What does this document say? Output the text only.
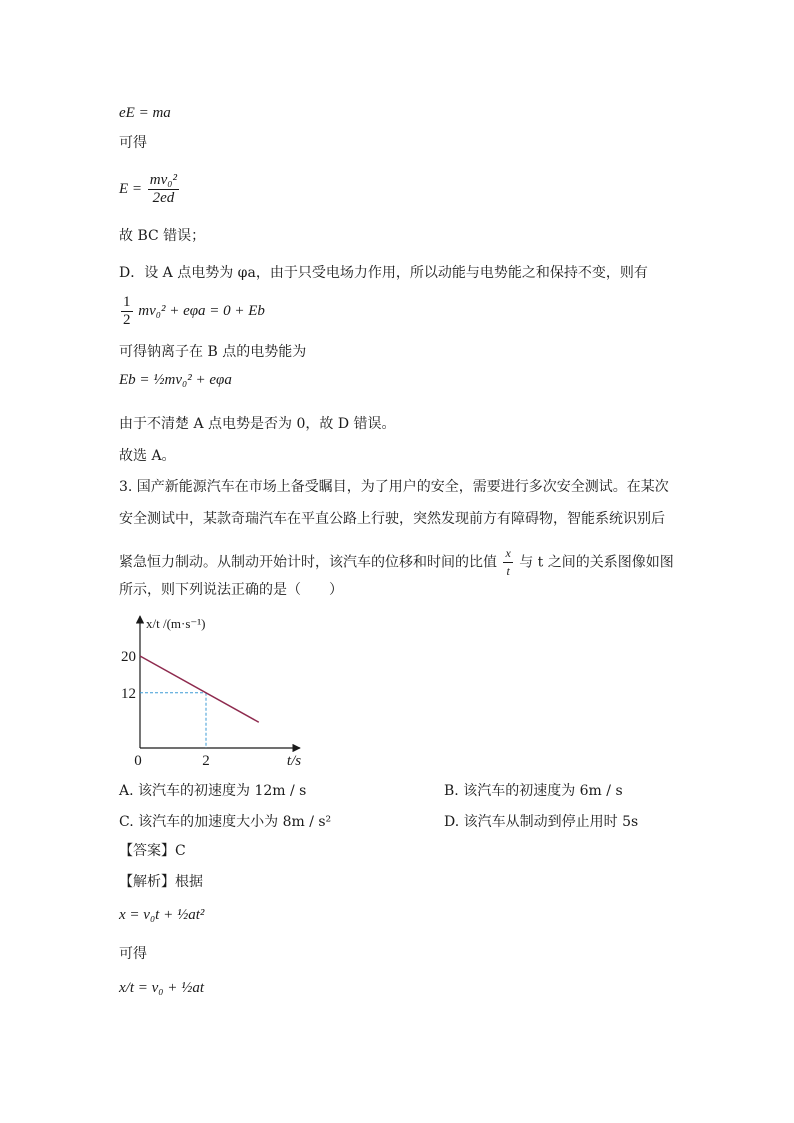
eE = ma
可得
$E = \frac{\text{mv₀²}}{2ed}$
故 BC 错误；
D．设 A 点电势为 φa，由于只受电场力作用，所以动能与电势能之和保持不变，则有
$\frac{1}{2} mv_0^2 + e\varphi a = 0 + Eb$
可得钠离子在 B 点的电势能为
Eb = ½mv₀² + eφa
由于不清楚 A 点电势是否为 0，故 D 错误。
故选 A。
3. 国产新能源汽车在市场上备受瞩目，为了用户的安全，需要进行多次安全测试。在某次
安全测试中，某款奇瑞汽车在平直公路上行驶，突然发现前方有障碍物，智能系统识别后
紧急恒力制动。从制动开始计时，该汽车的位移和时间的比值 $\frac{x}{t}$ 与 t 之间的关系图像如图
所示，则下列说法正确的是（　　）
20
12
2
0	t/s
x/t /(m·s⁻¹)
A. 该汽车的初速度为 12m / s	B. 该汽车的初速度为 6m / s
C. 该汽车的加速度大小为 8m / s²	D. 该汽车从制动到停止用时 5s
【答案】C
【解析】根据
x = v₀t + ½at²
可得
x/t = v₀ + ½at
